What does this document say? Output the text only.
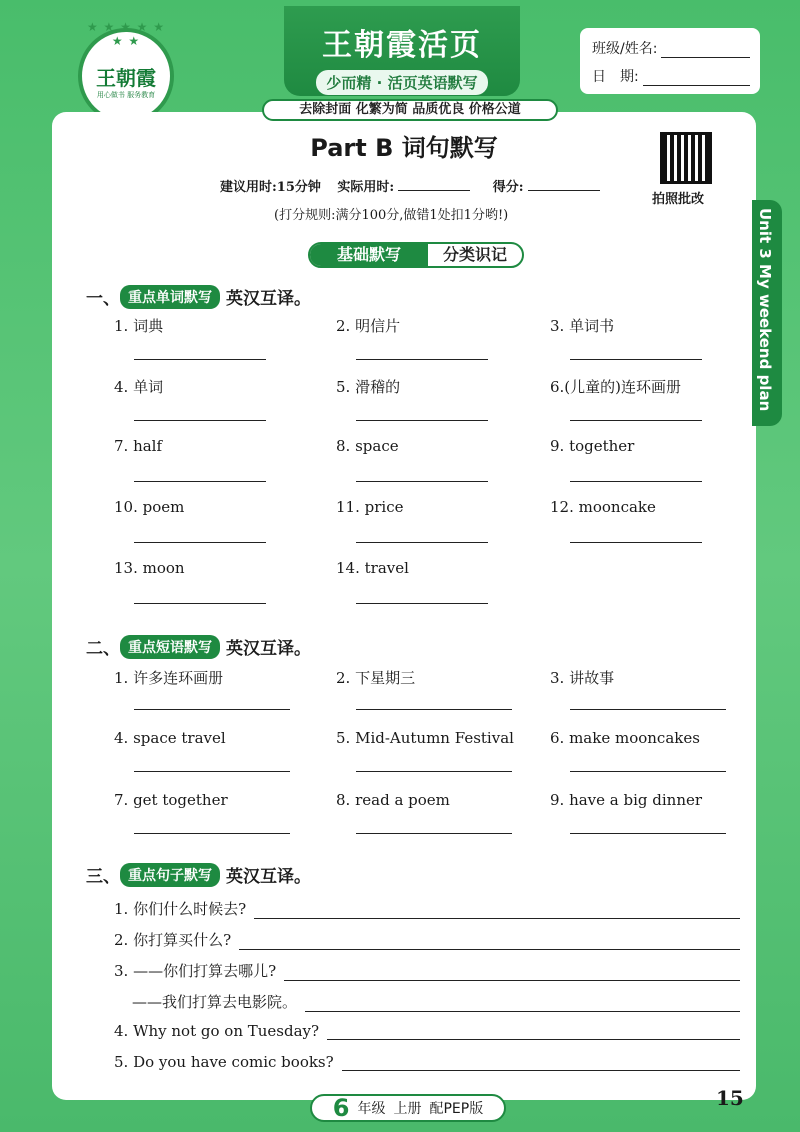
★ ★ ★ ★ ★ ★ ★
王朝霞
用心做书 服务教育
王朝霞活页
少而精 · 活页英语默写
班级/姓名:
日　期:
Part B 词句默写
拍照批改
建议用时:15分钟 实际用时:	得分:
(打分规则:满分100分,做错1处扣1分哟!)
基础默写	分类识记
一、 重点单词默写 英汉互译。
1. 词典	2. 明信片	3. 单词书
4. 单词	5. 滑稽的	6.(儿童的)连环画册
7. half	8. space	9. together
10. poem	11. price	12. mooncake
13. moon	14. travel
二、 重点短语默写 英汉互译。
1. 许多连环画册	2. 下星期三	3. 讲故事
4. space travel	5. Mid-Autumn Festival 6. make mooncakes
7. get together	8. read a poem	9. have a big dinner
三、 重点句子默写 英汉互译。
1. 你们什么时候去?
2. 你打算买什么?
3. ——你们打算去哪儿?
——我们打算去电影院。
4. Why not go on Tuesday?
5. Do you have comic books?
去除封面 化繁为简 品质优良 价格公道
Unit 3 My weekend plan
6 年级 上册 配PEP版	15
